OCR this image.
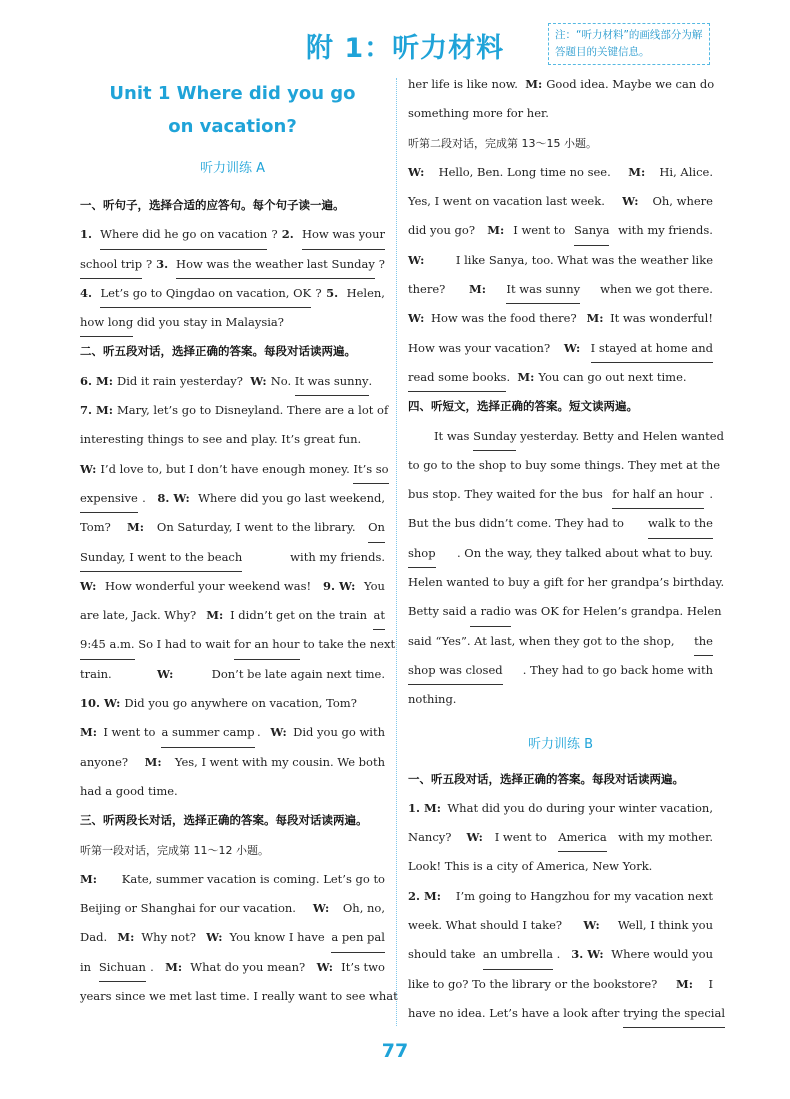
附 1：听力材料	注：“听力材料”的画线部分为解答题目的关键信息。
Unit 1 Where did you go
on vacation?
听力训练 A
一、听句子，选择合适的应答句。每个句子读一遍。
1. Where did he go on vacation ? 2. How was your
school trip ? 3. How was the weather last Sunday ?
4. Let’s go to Qingdao on vacation, OK ? 5. Helen,
how long did you stay in Malaysia?
二、听五段对话，选择正确的答案。每段对话读两遍。
6. M: Did it rain yesterday? W: No. It was sunny .
7. M: Mary, let’s go to Disneyland. There are a lot of
interesting things to see and play. It’s great fun.
W: I’d love to, but I don’t have enough money. It’s so
expensive . 8. W: Where did you go last weekend,
Tom? M: On Saturday, I went to the library. On
Sunday, I went to the beach	with my friends.
W: How wonderful your weekend was! 9. W: You
are late, Jack. Why? M: I didn’t get on the train at
9:45 a.m. So I had to wait for an hour to take the next
train.	W:	Don’t be late again next time.
10. W: Did you go anywhere on vacation, Tom?
M: I went to a summer camp . W: Did you go with
anyone? M: Yes, I went with my cousin. We both
had a good time.
三、听两段长对话，选择正确的答案。每段对话读两遍。
听第一段对话，完成第 11～12 小题。
M: Kate, summer vacation is coming. Let’s go to
Beijing or Shanghai for our vacation. W: Oh, no,
Dad. M: Why not? W: You know I have a pen pal
in Sichuan . M: What do you mean? W: It’s two
years since we met last time. I really want to see what
her life is like now. M: Good idea. Maybe we can do
something more for her.
听第二段对话，完成第 13～15 小题。
W: Hello, Ben. Long time no see. M: Hi, Alice.
Yes, I went on vacation last week. W: Oh, where
did you go? M: I went to Sanya with my friends.
W: I like Sanya, too. What was the weather like
there? M: It was sunny when we got there.
W: How was the food there? M: It was wonderful!
How was your vacation? W: I stayed at home and
read some books . M: You can go out next time.
四、听短文，选择正确的答案。短文读两遍。
It was Sunday yesterday. Betty and Helen wanted
to go to the shop to buy some things. They met at the
bus stop. They waited for the bus for half an hour .
But the bus didn’t come. They had to walk to the
shop . On the way, they talked about what to buy.
Helen wanted to buy a gift for her grandpa’s birthday.
Betty said a radio was OK for Helen’s grandpa. Helen
said “Yes”. At last, when they got to the shop, the
shop was closed . They had to go back home with
nothing.
听力训练 B
一、听五段对话，选择正确的答案。每段对话读两遍。
1. M: What did you do during your winter vacation,
Nancy? W: I went to America with my mother.
Look! This is a city of America, New York.
2. M: I’m going to Hangzhou for my vacation next
week. What should I take? W: Well, I think you
should take an umbrella . 3. W: Where would you
like to go? To the library or the bookstore? M: I
have no idea. Let’s have a look after trying the special
77
